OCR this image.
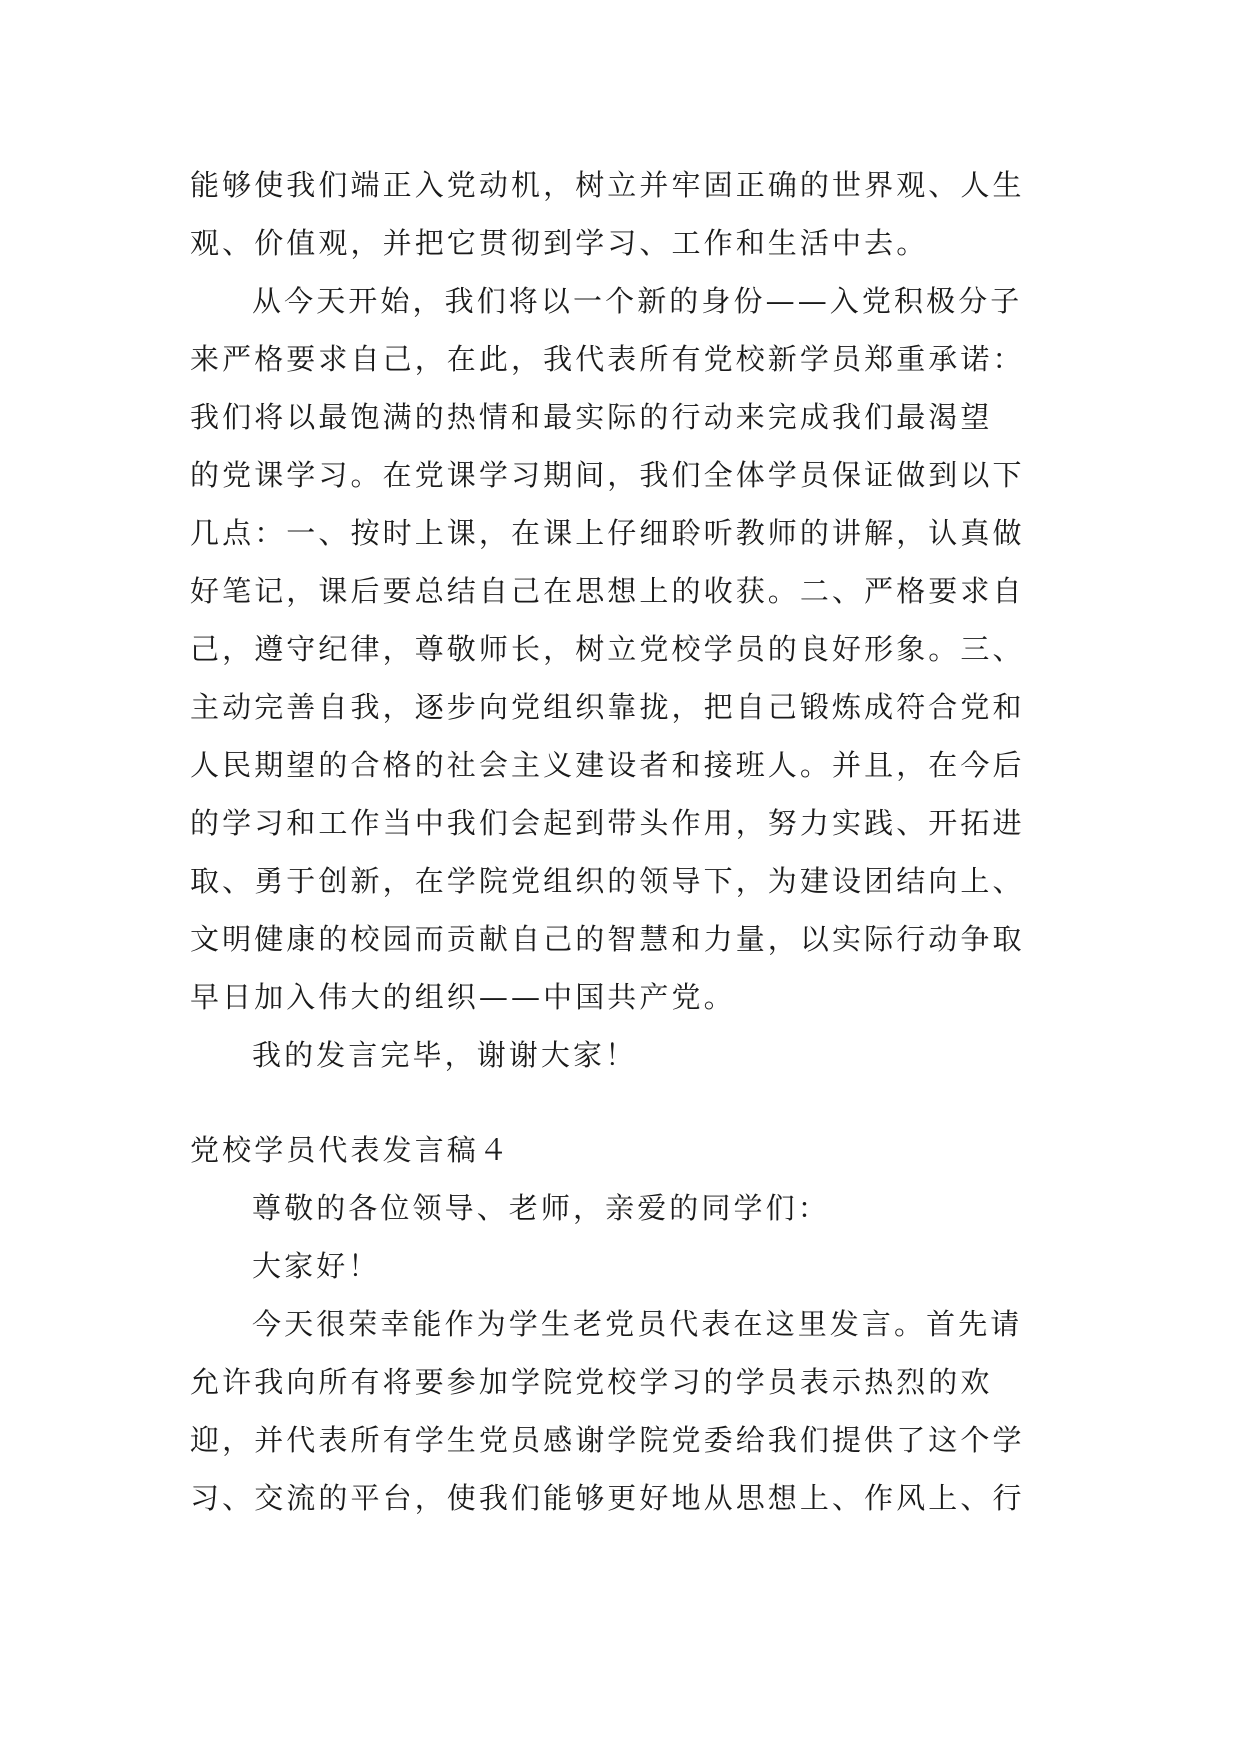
能够使我们端正入党动机，树立并牢固正确的世界观、人生
观、价值观，并把它贯彻到学习、工作和生活中去。
从今天开始，我们将以一个新的身份——入党积极分子
来严格要求自己，在此，我代表所有党校新学员郑重承诺：
我们将以最饱满的热情和最实际的行动来完成我们最渴望
的党课学习。在党课学习期间，我们全体学员保证做到以下
几点：一、按时上课，在课上仔细聆听教师的讲解，认真做
好笔记，课后要总结自己在思想上的收获。二、严格要求自
己，遵守纪律，尊敬师长，树立党校学员的良好形象。三、
主动完善自我，逐步向党组织靠拢，把自己锻炼成符合党和
人民期望的合格的社会主义建设者和接班人。并且，在今后
的学习和工作当中我们会起到带头作用，努力实践、开拓进
取、勇于创新，在学院党组织的领导下，为建设团结向上、
文明健康的校园而贡献自己的智慧和力量，以实际行动争取
早日加入伟大的组织——中国共产党。
我的发言完毕，谢谢大家！
党校学员代表发言稿４
尊敬的各位领导、老师，亲爱的同学们：
大家好！
今天很荣幸能作为学生老党员代表在这里发言。首先请
允许我向所有将要参加学院党校学习的学员表示热烈的欢
迎，并代表所有学生党员感谢学院党委给我们提供了这个学
习、交流的平台，使我们能够更好地从思想上、作风上、行
